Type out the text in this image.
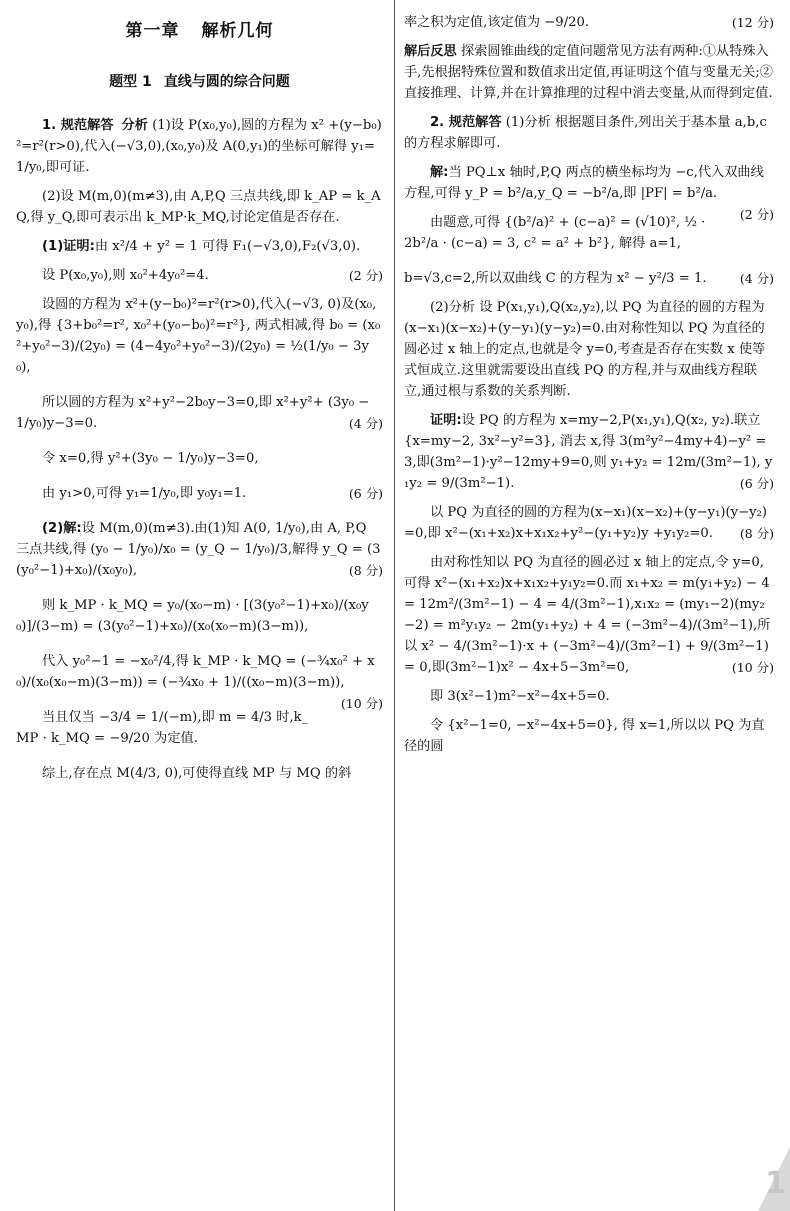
第一章 解析几何
题型 1 直线与圆的综合问题

1. 规范解答 分析 (1)设 P(x₀,y₀),圆的方程为 x² +(y−b₀)²=r²(r>0),代入(−√3,0),(x₀,y₀)及 A(0,y₁)的坐标可解得 y₁=1/y₀,即可证.

(2)设 M(m,0)(m≠3),由 A,P,Q 三点共线,即 k_AP = k_AQ,得 y_Q,即可表示出 k_MP·k_MQ,讨论定值是否存在.

(1)证明:由 x²/4 + y² = 1 可得 F₁(−√3,0),F₂(√3,0).

设 P(x₀,y₀),则 x₀²+4y₀²=4.	(2 分)

设圆的方程为 x²+(y−b₀)²=r²(r>0),代入(−√3, 0)及(x₀,y₀),得 {3+b₀²=r², x₀²+(y₀−b₀)²=r²}, 两式相减,得 b₀ = (x₀²+y₀²−3)/(2y₀) = (4−4y₀²+y₀²−3)/(2y₀) = ½(1/y₀ − 3y₀),

所以圆的方程为 x²+y²−2b₀y−3=0,即 x²+y²+ (3y₀ − 1/y₀)y−3=0.	(4 分)

令 x=0,得 y²+(3y₀ − 1/y₀)y−3=0,

由 y₁>0,可得 y₁=1/y₀,即 y₀y₁=1.	(6 分)

(2)解:设 M(m,0)(m≠3).由(1)知 A(0, 1/y₀),由 A, P,Q 三点共线,得 (y₀ − 1/y₀)/x₀ = (y_Q − 1/y₀)/3,解得 y_Q = (3(y₀²−1)+x₀)/(x₀y₀),	(8 分)

则 k_MP · k_MQ = y₀/(x₀−m) · [(3(y₀²−1)+x₀)/(x₀y₀)]/(3−m) = (3(y₀²−1)+x₀)/(x₀(x₀−m)(3−m)),

代入 y₀²−1 = −x₀²/4,得 k_MP · k_MQ = (−¾x₀² + x₀)/(x₀(x₀−m)(3−m)) = (−¾x₀ + 1)/((x₀−m)(3−m)),
(10 分)

当且仅当 −3/4 = 1/(−m),即 m = 4/3 时,k_MP · k_MQ = −9/20 为定值.

综上,存在点 M(4/3, 0),可使得直线 MP 与 MQ 的斜

率之积为定值,该定值为 −9/20.	(12 分)

解后反思 探索圆锥曲线的定值问题常见方法有两种:①从特殊入手,先根据特殊位置和数值求出定值,再证明这个值与变量无关;②直接推理、计算,并在计算推理的过程中消去变量,从而得到定值.

2. 规范解答 (1)分析 根据题目条件,列出关于基本量 a,b,c 的方程求解即可.

解:当 PQ⊥x 轴时,P,Q 两点的横坐标均为 −c,代入双曲线方程,可得 y_P = b²/a,y_Q = −b²/a,即 |PF| = b²/a.
(2 分)

由题意,可得 {(b²/a)² + (c−a)² = (√10)², ½ · 2b²/a · (c−a) = 3, c² = a² + b²}, 解得 a=1,

b=√3,c=2,所以双曲线 C 的方程为 x² − y²/3 = 1.	(4 分)

(2)分析 设 P(x₁,y₁),Q(x₂,y₂),以 PQ 为直径的圆的方程为(x−x₁)(x−x₂)+(y−y₁)(y−y₂)=0.由对称性知以 PQ 为直径的圆必过 x 轴上的定点,也就是令 y=0,考查是否存在实数 x 使等式恒成立.这里就需要设出直线 PQ 的方程,并与双曲线方程联立,通过根与系数的关系判断.

证明:设 PQ 的方程为 x=my−2,P(x₁,y₁),Q(x₂, y₂).联立 {x=my−2, 3x²−y²=3}, 消去 x,得 3(m²y²−4my+4)−y² =3,即(3m²−1)·y²−12my+9=0,则 y₁+y₂ = 12m/(3m²−1), y₁y₂ = 9/(3m²−1).	(6 分)

以 PQ 为直径的圆的方程为(x−x₁)(x−x₂)+(y−y₁)(y−y₂)=0,即 x²−(x₁+x₂)x+x₁x₂+y²−(y₁+y₂)y +y₁y₂=0.	(8 分)

由对称性知以 PQ 为直径的圆必过 x 轴上的定点,令 y=0,可得 x²−(x₁+x₂)x+x₁x₂+y₁y₂=0.而 x₁+x₂ = m(y₁+y₂) − 4 = 12m²/(3m²−1) − 4 = 4/(3m²−1),x₁x₂ = (my₁−2)(my₂−2) = m²y₁y₂ − 2m(y₁+y₂) + 4 = (−3m²−4)/(3m²−1),所以 x² − 4/(3m²−1)·x + (−3m²−4)/(3m²−1) + 9/(3m²−1) = 0,即(3m²−1)x² − 4x+5−3m²=0,	(10 分)

即 3(x²−1)m²−x²−4x+5=0.

令 {x²−1=0, −x²−4x+5=0}, 得 x=1,所以以 PQ 为直径的圆

1
